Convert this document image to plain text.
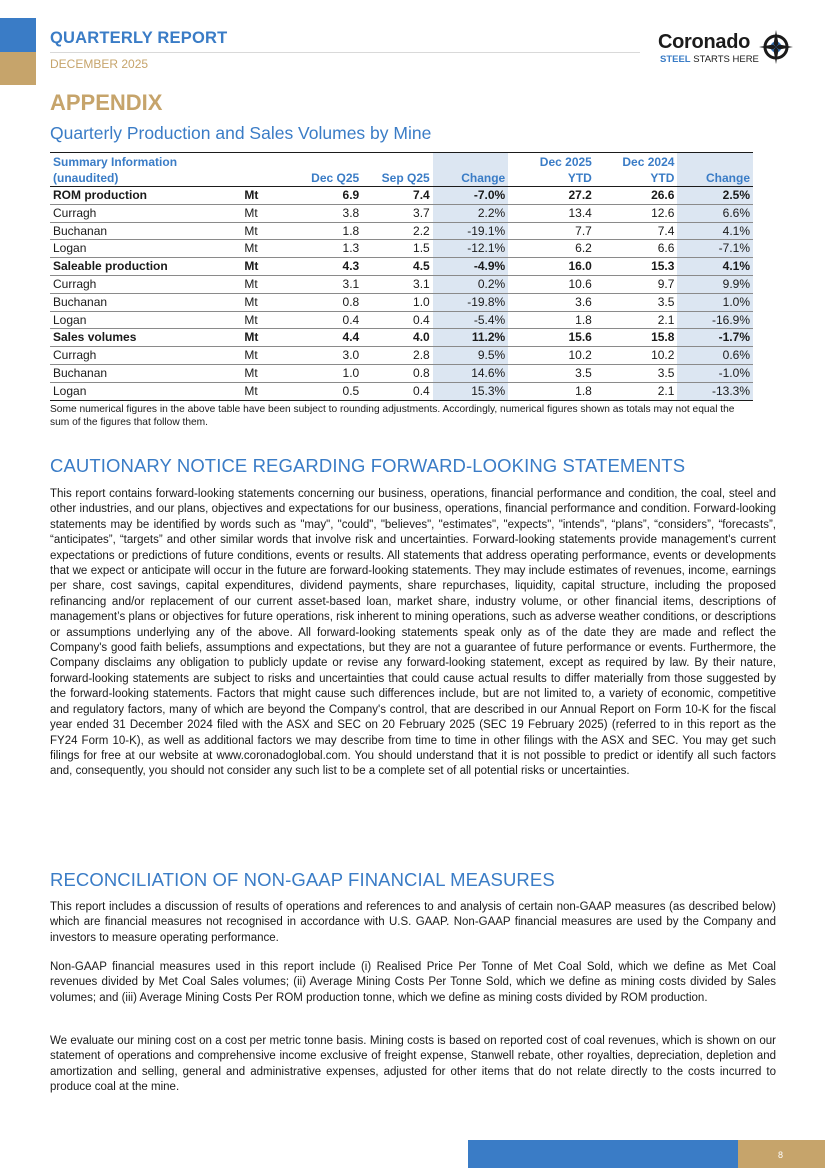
QUARTERLY REPORT
DECEMBER 2025
Coronado
STEEL STARTS HERE
APPENDIX
Quarterly Production and Sales Volumes by Mine
Summary Information					Dec 2025	Dec 2024	
(unaudited)		Dec Q25	Sep Q25	Change	YTD	YTD	Change
ROM production	Mt	6.9	7.4	-7.0%	27.2	26.6	2.5%
Curragh	Mt	3.8	3.7	2.2%	13.4	12.6	6.6%
Buchanan	Mt	1.8	2.2	-19.1%	7.7	7.4	4.1%
Logan	Mt	1.3	1.5	-12.1%	6.2	6.6	-7.1%
Saleable production	Mt	4.3	4.5	-4.9%	16.0	15.3	4.1%
Curragh	Mt	3.1	3.1	0.2%	10.6	9.7	9.9%
Buchanan	Mt	0.8	1.0	-19.8%	3.6	3.5	1.0%
Logan	Mt	0.4	0.4	-5.4%	1.8	2.1	-16.9%
Sales volumes	Mt	4.4	4.0	11.2%	15.6	15.8	-1.7%
Curragh	Mt	3.0	2.8	9.5%	10.2	10.2	0.6%
Buchanan	Mt	1.0	0.8	14.6%	3.5	3.5	-1.0%
Logan	Mt	0.5	0.4	15.3%	1.8	2.1	-13.3%
Some numerical figures in the above table have been subject to rounding adjustments. Accordingly, numerical figures shown as totals may not equal the sum of the figures that follow them.
CAUTIONARY NOTICE REGARDING FORWARD-LOOKING STATEMENTS
This report contains forward-looking statements concerning our business, operations, financial performance and condition, the coal, steel and other industries, and our plans, objectives and expectations for our business, operations, financial performance and condition. Forward-looking statements may be identified by words such as "may", "could", "believes", "estimates", "expects", "intends", “plans”, “considers”, “forecasts”, “anticipates”, “targets” and other similar words that involve risk and uncertainties. Forward-looking statements provide management's current expectations or predictions of future conditions, events or results. All statements that address operating performance, events or developments that we expect or anticipate will occur in the future are forward-looking statements. They may include estimates of revenues, income, earnings per share, cost savings, capital expenditures, dividend payments, share repurchases, liquidity, capital structure, including the proposed refinancing and/or replacement of our current asset-based loan, market share, industry volume, or other financial items, descriptions of management’s plans or objectives for future operations, risk inherent to mining operations, such as adverse weather conditions, or descriptions or assumptions underlying any of the above. All forward-looking statements speak only as of the date they are made and reflect the Company's good faith beliefs, assumptions and expectations, but they are not a guarantee of future performance or events. Furthermore, the Company disclaims any obligation to publicly update or revise any forward-looking statement, except as required by law. By their nature, forward-looking statements are subject to risks and uncertainties that could cause actual results to differ materially from those suggested by the forward-looking statements. Factors that might cause such differences include, but are not limited to, a variety of economic, competitive and regulatory factors, many of which are beyond the Company's control, that are described in our Annual Report on Form 10-K for the fiscal year ended 31 December 2024 filed with the ASX and SEC on 20 February 2025 (SEC 19 February 2025) (referred to in this report as the FY24 Form 10-K), as well as additional factors we may describe from time to time in other filings with the ASX and SEC. You may get such filings for free at our website at www.coronadoglobal.com. You should understand that it is not possible to predict or identify all such factors and, consequently, you should not consider any such list to be a complete set of all potential risks or uncertainties.
RECONCILIATION OF NON-GAAP FINANCIAL MEASURES
This report includes a discussion of results of operations and references to and analysis of certain non-GAAP measures (as described below) which are financial measures not recognised in accordance with U.S. GAAP. Non-GAAP financial measures are used by the Company and investors to measure operating performance.
Non-GAAP financial measures used in this report include (i) Realised Price Per Tonne of Met Coal Sold, which we define as Met Coal revenues divided by Met Coal Sales volumes; (ii) Average Mining Costs Per Tonne Sold, which we define as mining costs divided by Sales volumes; and (iii) Average Mining Costs Per ROM production tonne, which we define as mining costs divided by ROM production.
We evaluate our mining cost on a cost per metric tonne basis. Mining costs is based on reported cost of coal revenues, which is shown on our statement of operations and comprehensive income exclusive of freight expense, Stanwell rebate, other royalties, depreciation, depletion and amortization and selling, general and administrative expenses, adjusted for other items that do not relate directly to the costs incurred to produce coal at the mine.
8
